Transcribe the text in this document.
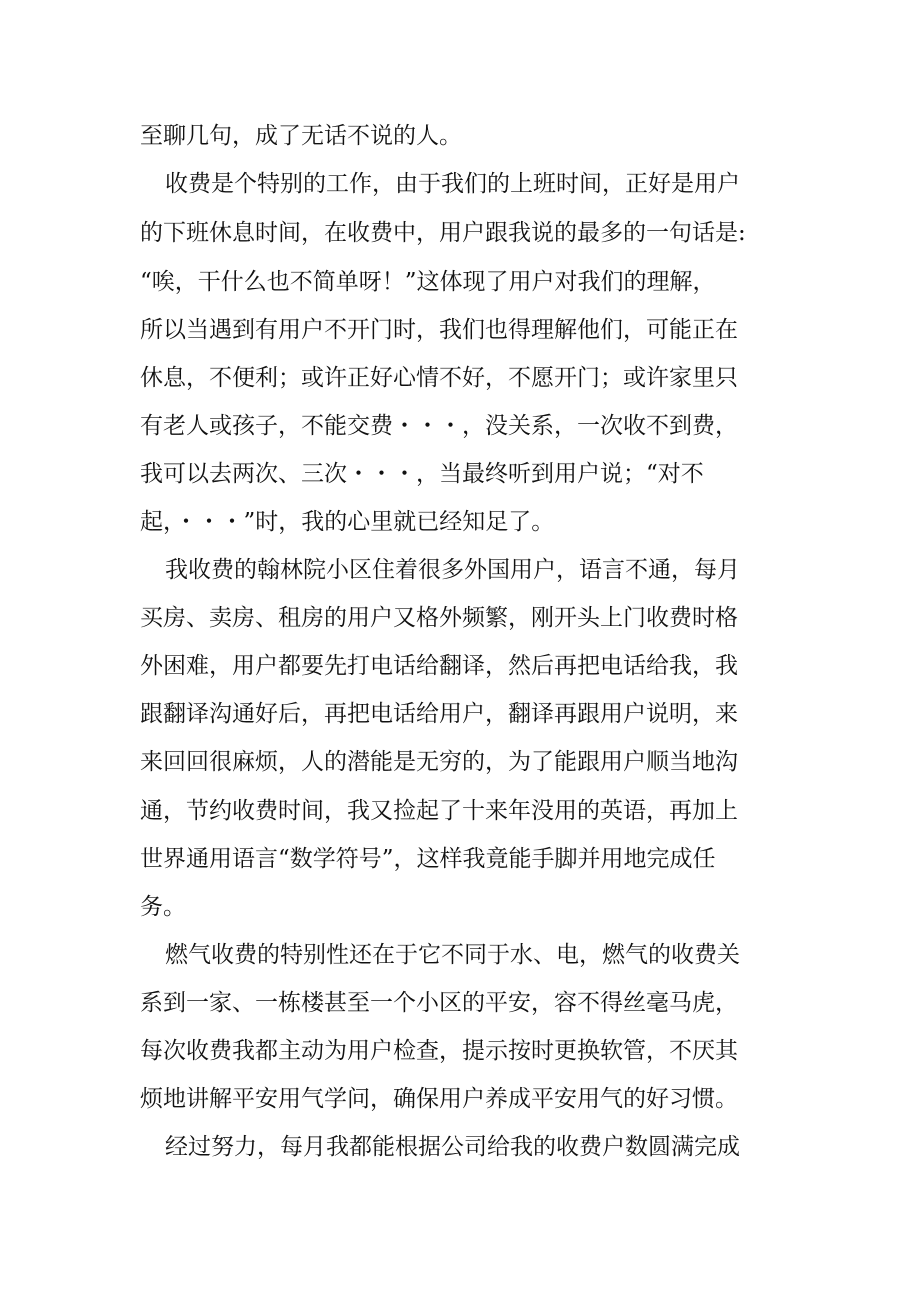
至聊几句，成了无话不说的人。

收费是个特别的工作，由于我们的上班时间，正好是用户

的下班休息时间，在收费中，用户跟我说的最多的一句话是:

“唉，干什么也不简单呀！”这体现了用户对我们的理解，

所以当遇到有用户不开门时，我们也得理解他们，可能正在

休息，不便利；或许正好心情不好，不愿开门；或许家里只

有老人或孩子，不能交费・・・，没关系，一次收不到费，

我可以去两次、三次・・・，当最终听到用户说；“对不

起，・・・”时，我的心里就已经知足了。

我收费的翰林院小区住着很多外国用户，语言不通，每月

买房、卖房、租房的用户又格外频繁，刚开头上门收费时格

外困难，用户都要先打电话给翻译，然后再把电话给我，我

跟翻译沟通好后，再把电话给用户，翻译再跟用户说明，来

来回回很麻烦，人的潜能是无穷的，为了能跟用户顺当地沟

通，节约收费时间，我又捡起了十来年没用的英语，再加上

世界通用语言“数学符号”，这样我竟能手脚并用地完成任

务。

燃气收费的特别性还在于它不同于水、电，燃气的收费关

系到一家、一栋楼甚至一个小区的平安，容不得丝毫马虎，

每次收费我都主动为用户检查，提示按时更换软管，不厌其

烦地讲解平安用气学问，确保用户养成平安用气的好习惯。

经过努力，每月我都能根据公司给我的收费户数圆满完成
